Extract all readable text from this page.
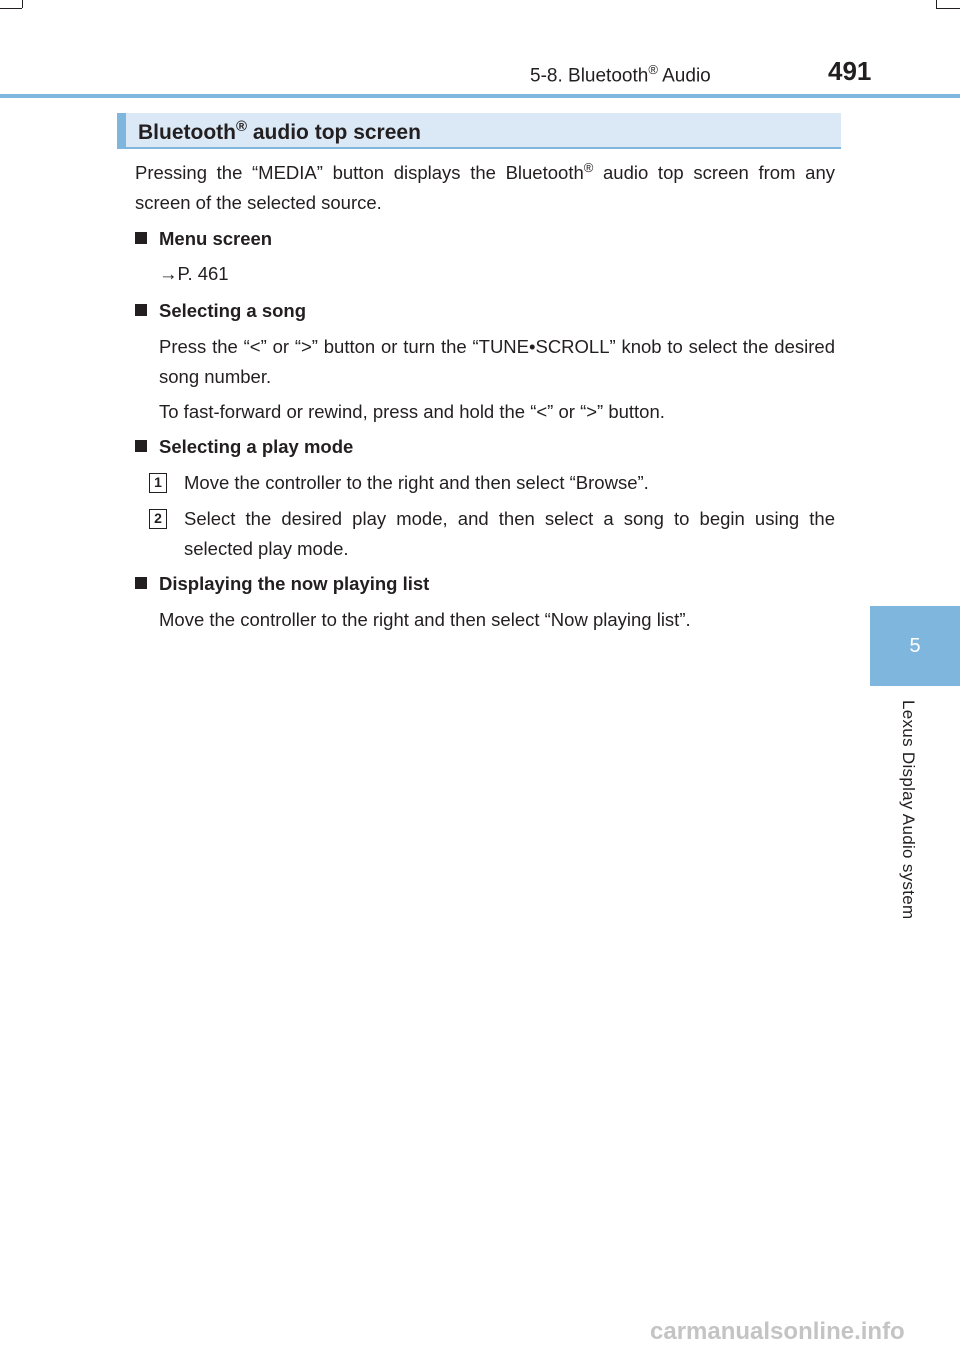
5-8. Bluetooth® Audio	491
5
Lexus Display Audio system
Bluetooth® audio top screen
Pressing the “MEDIA” button displays the Bluetooth® audio top screen from any screen of the selected source.
Menu screen
→P. 461
Selecting a song
Press the “<” or “>” button or turn the “TUNE•SCROLL” knob to select the desired song number.
To fast-forward or rewind, press and hold the “<” or “>” button.
Selecting a play mode
1 Move the controller to the right and then select “Browse”.
2 Select the desired play mode, and then select a song to begin using the selected play mode.
Displaying the now playing list
Move the controller to the right and then select “Now playing list”.
carmanualsonline.info
